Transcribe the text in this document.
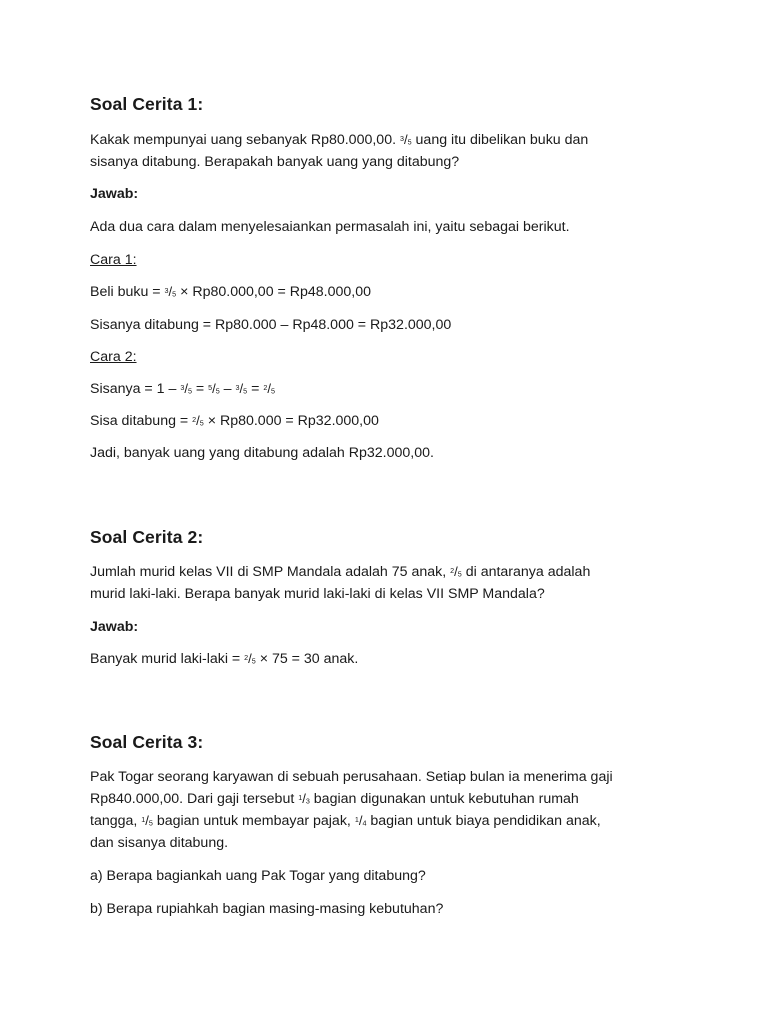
Soal Cerita 1:
Kakak mempunyai uang sebanyak Rp80.000,00. $^3/_5$ uang itu dibelikan buku dan
sisanya ditabung. Berapakah banyak uang yang ditabung?
Jawab:
Ada dua cara dalam menyelesaiankan permasalah ini, yaitu sebagai berikut.
Cara 1:
Beli buku = $^3/_5 \times Rp80.000,00 = Rp48.000,00$
Sisanya ditabung = Rp80.000 – Rp48.000 = Rp32.000,00
Cara 2:
Sisanya = $1 - ^3/_5 = ^5/_5 - ^3/_5 = ^2/_5$
Sisa ditabung = $^2/_5 \times Rp80.000 = Rp32.000,00$
Jadi, banyak uang yang ditabung adalah Rp32.000,00.
Soal Cerita 2:
Jumlah murid kelas VII di SMP Mandala adalah 75 anak, $^2/_5$ di antaranya adalah
murid laki-laki. Berapa banyak murid laki-laki di kelas VII SMP Mandala?
Jawab:
Banyak murid laki-laki = $^2/_5 \times 75 = 30$ anak.
Soal Cerita 3:
Pak Togar seorang karyawan di sebuah perusahaan. Setiap bulan ia menerima gaji
Rp840.000,00. Dari gaji tersebut $^1/_3$ bagian digunakan untuk kebutuhan rumah
tangga, $^1/_5$ bagian untuk membayar pajak, $^1/_4$ bagian untuk biaya pendidikan anak,
dan sisanya ditabung.
a) Berapa bagiankah uang Pak Togar yang ditabung?
b) Berapa rupiahkah bagian masing-masing kebutuhan?
